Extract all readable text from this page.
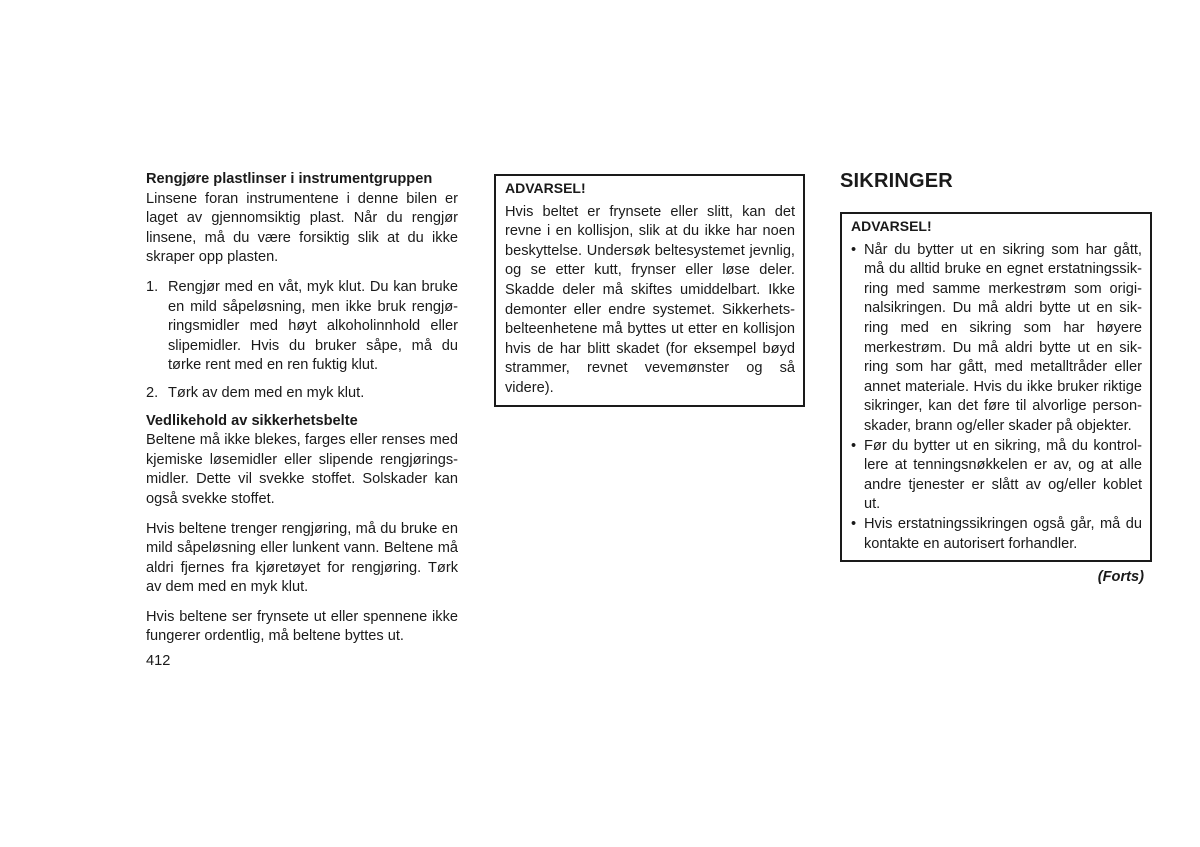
Rengjøre plastlinser i instrumentgruppen

Linsene foran instrumentene i denne bilen er laget av gjennomsiktig plast. Når du rengjør linsene, må du være forsiktig slik at du ikke skraper opp plasten.

1. Rengjør med en våt, myk klut. Du kan bruke en mild såpeløsning, men ikke bruk rengjø-ringsmidler med høyt alkoholinnhold eller slipemidler. Hvis du bruker såpe, må du tørke rent med en ren fuktig klut.
2. Tørk av dem med en myk klut.

Vedlikehold av sikkerhetsbelte

Beltene må ikke blekes, farges eller renses med kjemiske løsemidler eller slipende rengjørings-midler. Dette vil svekke stoffet. Solskader kan også svekke stoffet.

Hvis beltene trenger rengjøring, må du bruke en mild såpeløsning eller lunkent vann. Beltene må aldri fjernes fra kjøretøyet for rengjøring. Tørk av dem med en myk klut.

Hvis beltene ser frynsete ut eller spennene ikke fungerer ordentlig, må beltene byttes ut.

ADVARSEL!

Hvis beltet er frynsete eller slitt, kan det revne i en kollisjon, slik at du ikke har noen beskyttelse. Undersøk beltesystemet jevnlig, og se etter kutt, frynser eller løse deler. Skadde deler må skiftes umiddelbart. Ikke demonter eller endre systemet. Sikkerhets-belteenhetene må byttes ut etter en kollisjon hvis de har blitt skadet (for eksempel bøyd strammer, revnet vevemønster og så videre).

SIKRINGER

ADVARSEL!

• Når du bytter ut en sikring som har gått, må du alltid bruke en egnet erstatningssik-ring med samme merkestrøm som origi-nalsikringen. Du må aldri bytte ut en sik-ring med en sikring som har høyere merkestrøm. Du må aldri bytte ut en sik-ring som har gått, med metalltråder eller annet materiale. Hvis du ikke bruker riktige sikringer, kan det føre til alvorlige person-skader, brann og/eller skader på objekter.
• Før du bytter ut en sikring, må du kontrol-lere at tenningsnøkkelen er av, og at alle andre tjenester er slått av og/eller koblet ut.
• Hvis erstatningssikringen også går, må du kontakte en autorisert forhandler.

(Forts)

412
